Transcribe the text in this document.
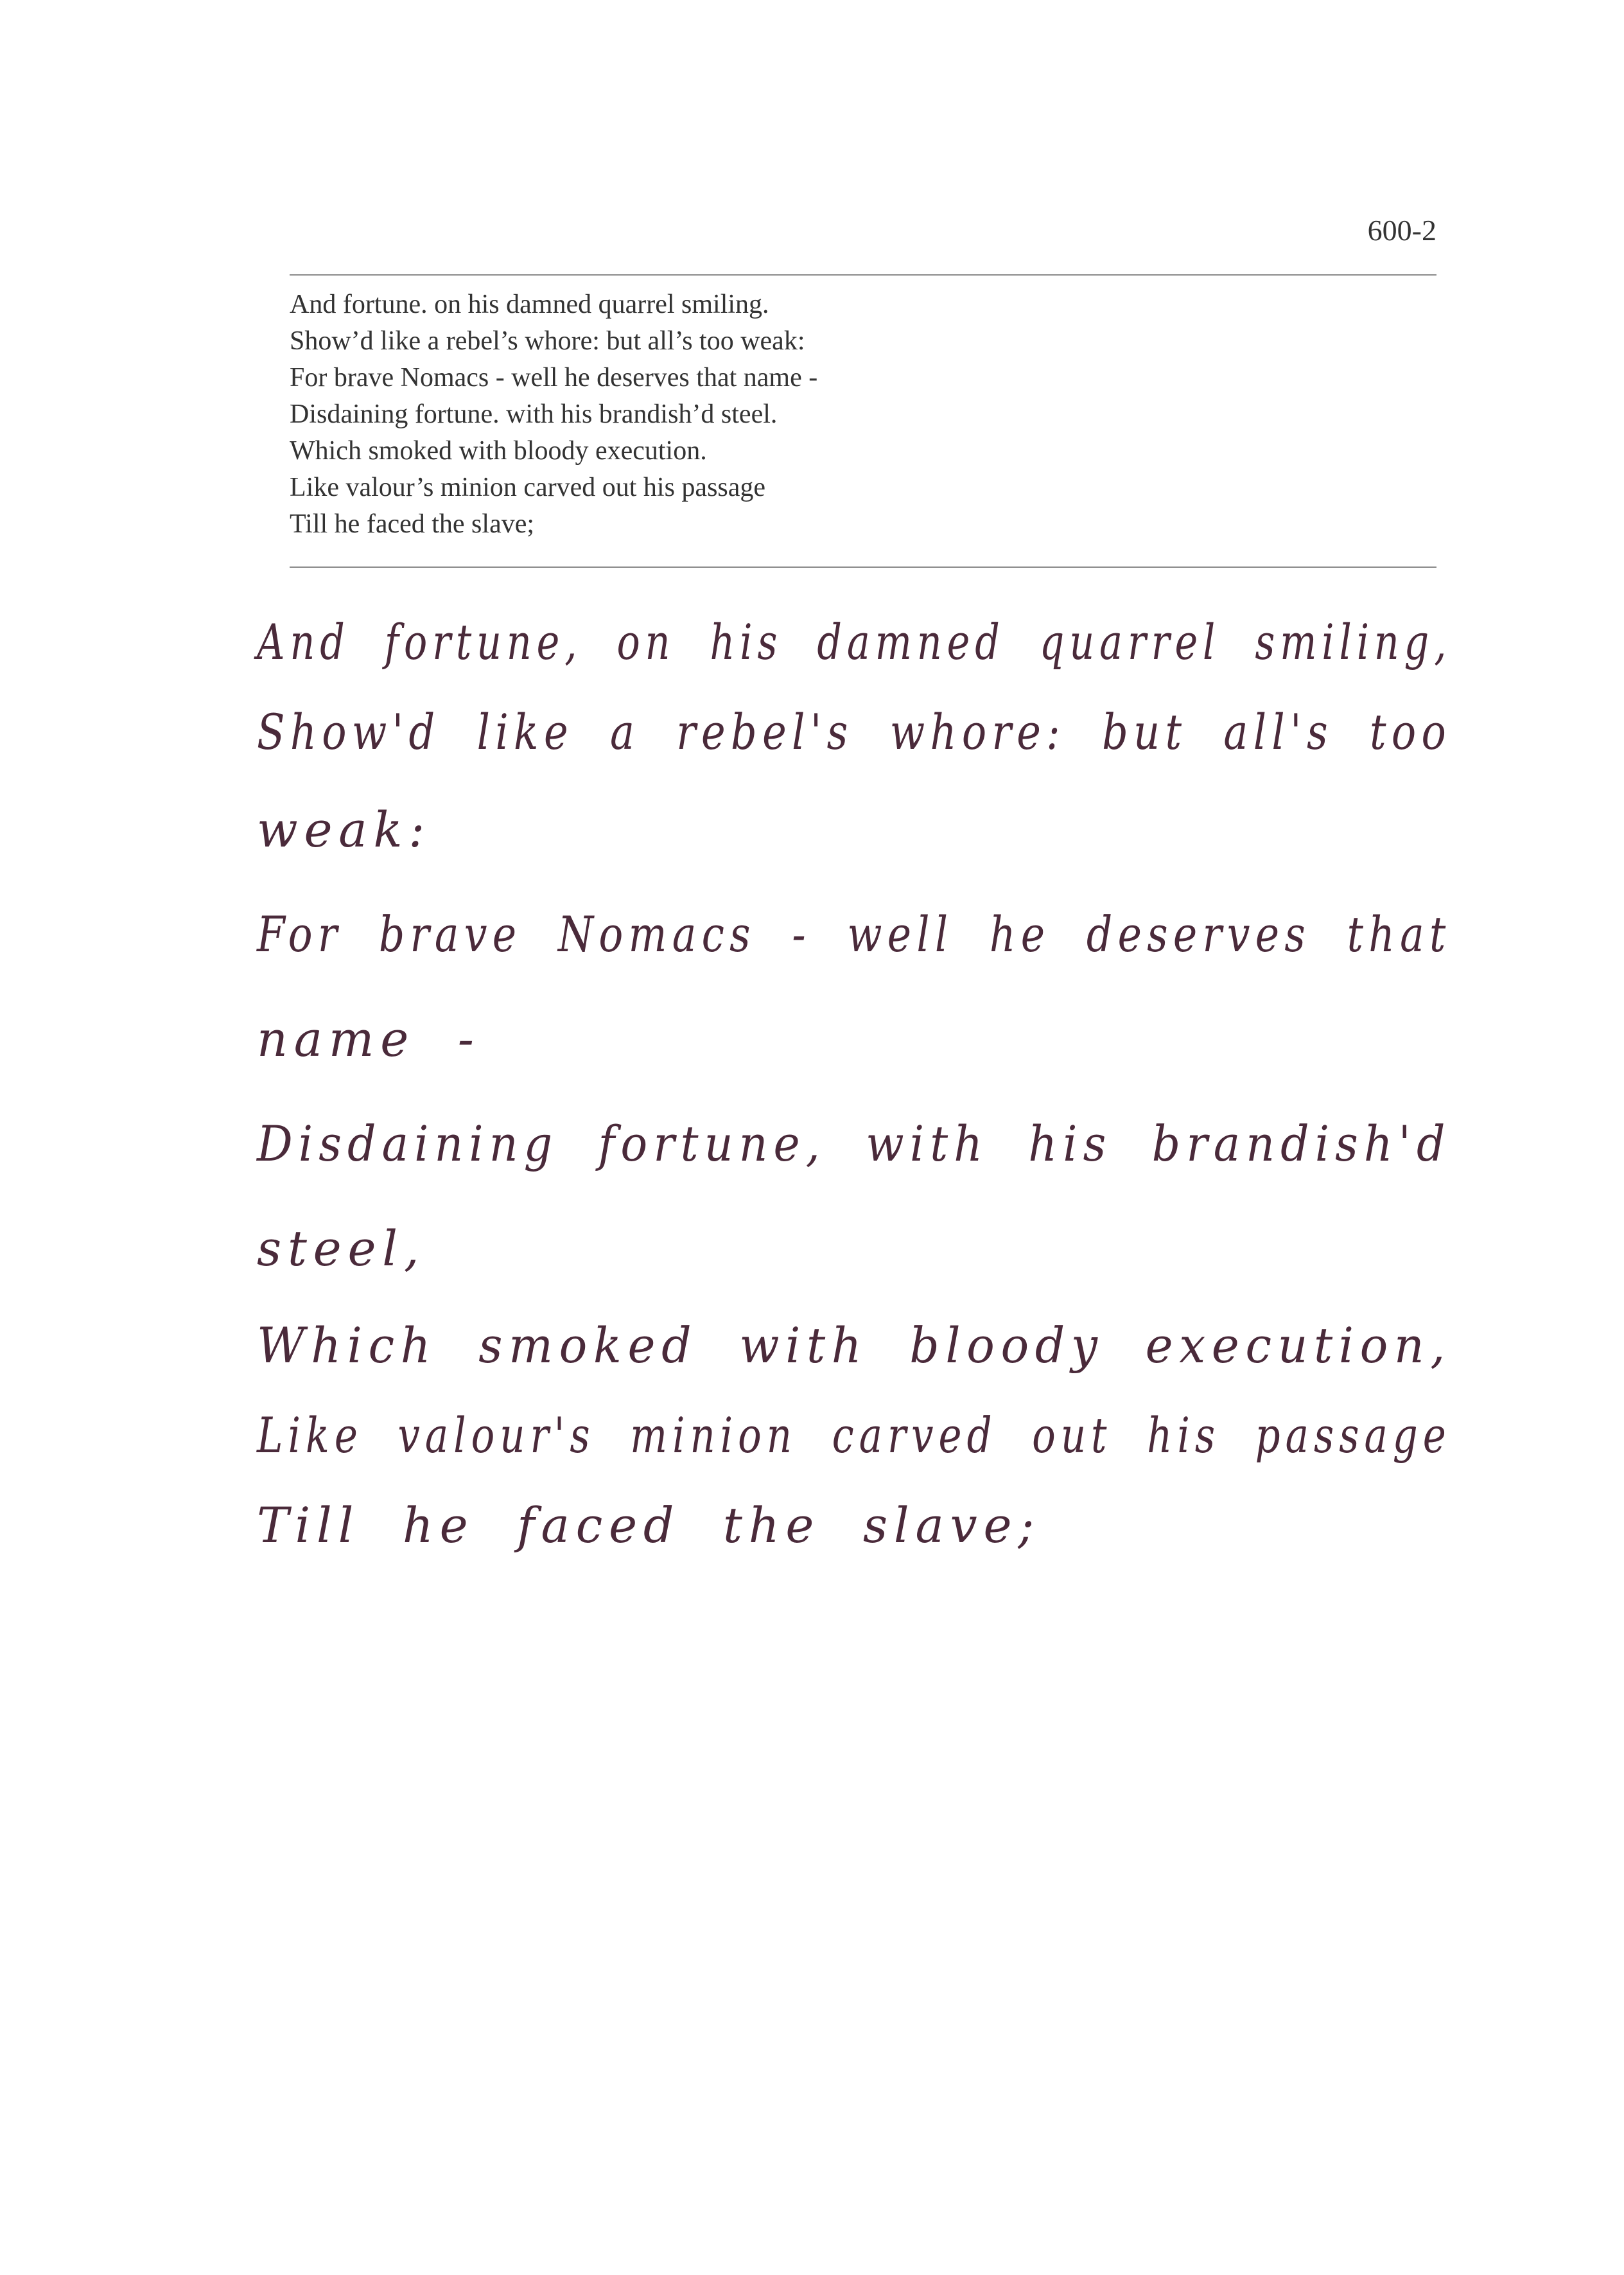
600-2
And fortune. on his damned quarrel smiling.
Show’d like a rebel’s whore: but all’s too weak:
For brave Nomacs - well he deserves that name -
Disdaining fortune. with his brandish’d steel.
Which smoked with bloody execution.
Like valour’s minion carved out his passage
Till he faced the slave;
And fortune, on his damned quarrel smiling,
Show'd like a rebel's whore: but all's too
weak:
For brave Nomacs - well he deserves that
name -
Disdaining fortune, with his brandish'd
steel,
Which smoked with bloody execution,
Like valour's minion carved out his passage
Till he faced the slave;
